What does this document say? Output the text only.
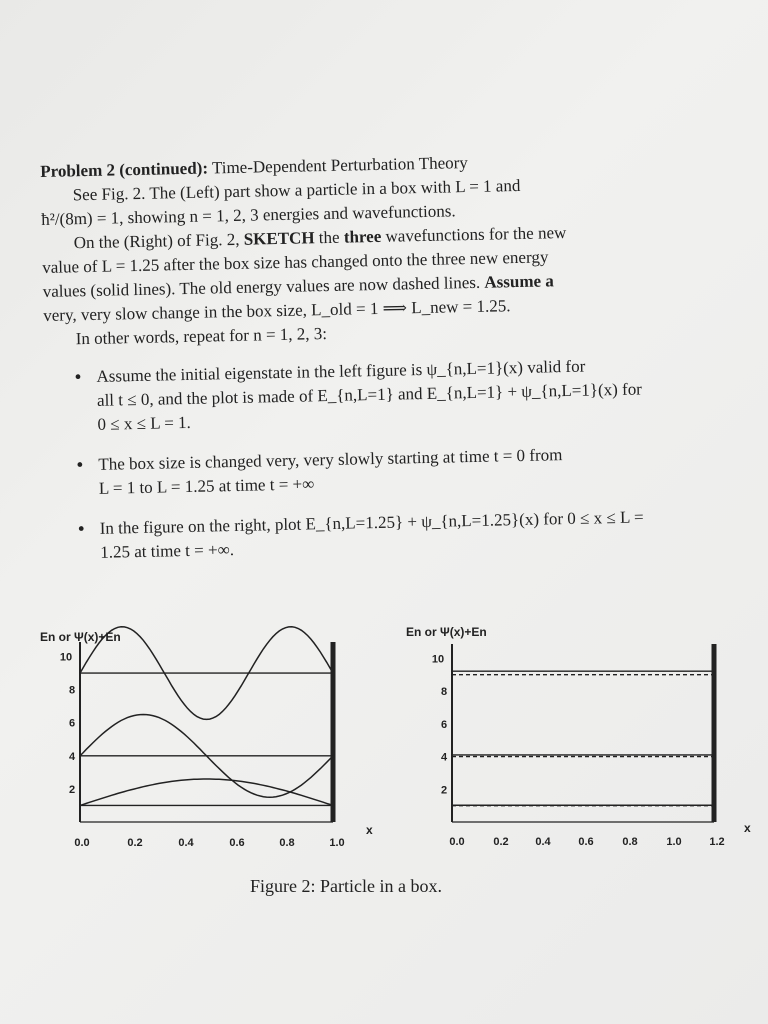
Problem 2 (continued): Time-Dependent Perturbation Theory
See Fig. 2. The (Left) part show a particle in a box with L = 1 and
ħ²/(8m) = 1, showing n = 1, 2, 3 energies and wavefunctions.
On the (Right) of Fig. 2, SKETCH the three wavefunctions for the new
value of L = 1.25 after the box size has changed onto the three new energy
values (solid lines). The old energy values are now dashed lines. Assume a
very, very slow change in the box size, L_old = 1 ⟹ L_new = 1.25.
In other words, repeat for n = 1, 2, 3:
• Assume the initial eigenstate in the left figure is ψ_{n,L=1}(x) valid for
all t ≤ 0, and the plot is made of E_{n,L=1} and E_{n,L=1} + ψ_{n,L=1}(x) for
0 ≤ x ≤ L = 1.
• The box size is changed very, very slowly starting at time t = 0 from
L = 1 to L = 1.25 at time t = +∞
• In the figure on the right, plot E_{n,L=1.25} + ψ_{n,L=1.25}(x) for 0 ≤ x ≤ L =
1.25 at time t = +∞.
En or Ψ(x)+En
x
2
4
6
8
10
0.0	0.2	0.4	0.6	0.8	1.0
En or Ψ(x)+En
x
2
4
6
8
10
0.0	0.2 0.4	0.6	0.8	1.0	1.2
Figure 2: Particle in a box.
